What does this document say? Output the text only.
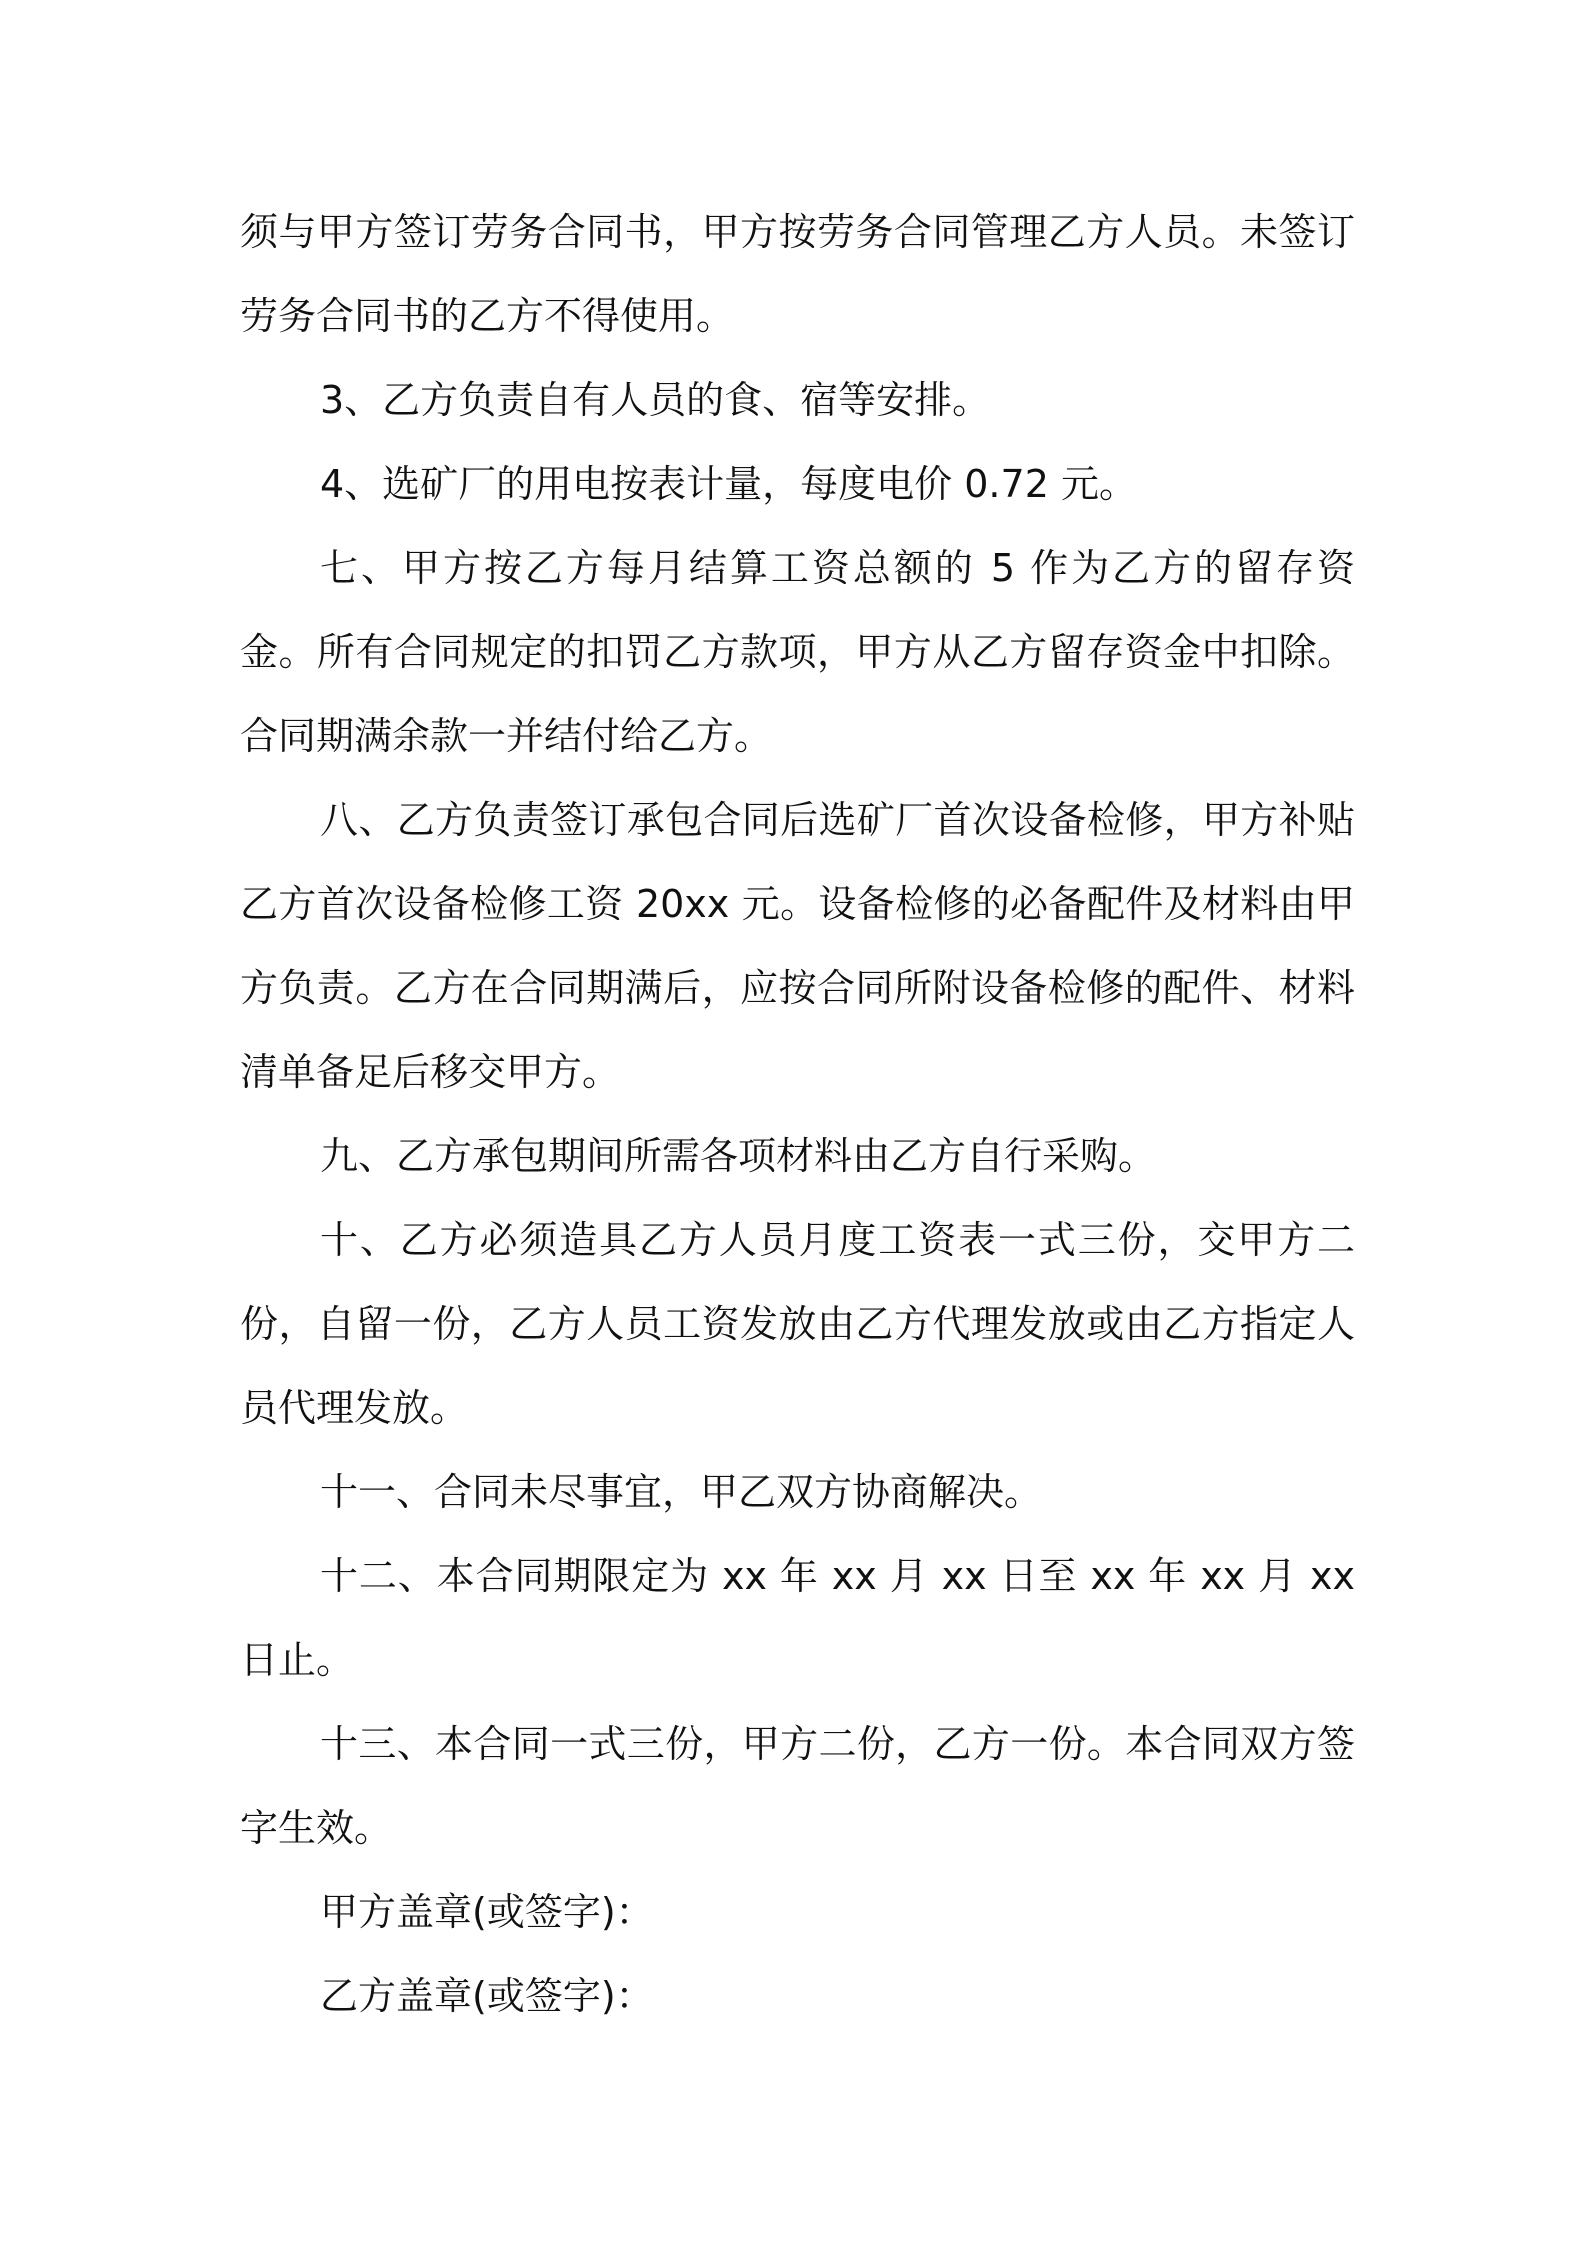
须与甲方签订劳务合同书，甲方按劳务合同管理乙方人员。未签订劳务合同书的乙方不得使用。

3、乙方负责自有人员的食、宿等安排。

4、选矿厂的用电按表计量，每度电价 0.72 元。

七、甲方按乙方每月结算工资总额的 5 作为乙方的留存资金。所有合同规定的扣罚乙方款项，甲方从乙方留存资金中扣除。合同期满余款一并结付给乙方。

八、乙方负责签订承包合同后选矿厂首次设备检修，甲方补贴乙方首次设备检修工资 20xx 元。设备检修的必备配件及材料由甲方负责。乙方在合同期满后，应按合同所附设备检修的配件、材料清单备足后移交甲方。

九、乙方承包期间所需各项材料由乙方自行采购。

十、乙方必须造具乙方人员月度工资表一式三份，交甲方二份，自留一份，乙方人员工资发放由乙方代理发放或由乙方指定人员代理发放。

十一、合同未尽事宜，甲乙双方协商解决。

十二、本合同期限定为 xx 年 xx 月 xx 日至 xx 年 xx 月 xx 日止。

十三、本合同一式三份，甲方二份，乙方一份。本合同双方签字生效。

甲方盖章(或签字)：

乙方盖章(或签字)：
